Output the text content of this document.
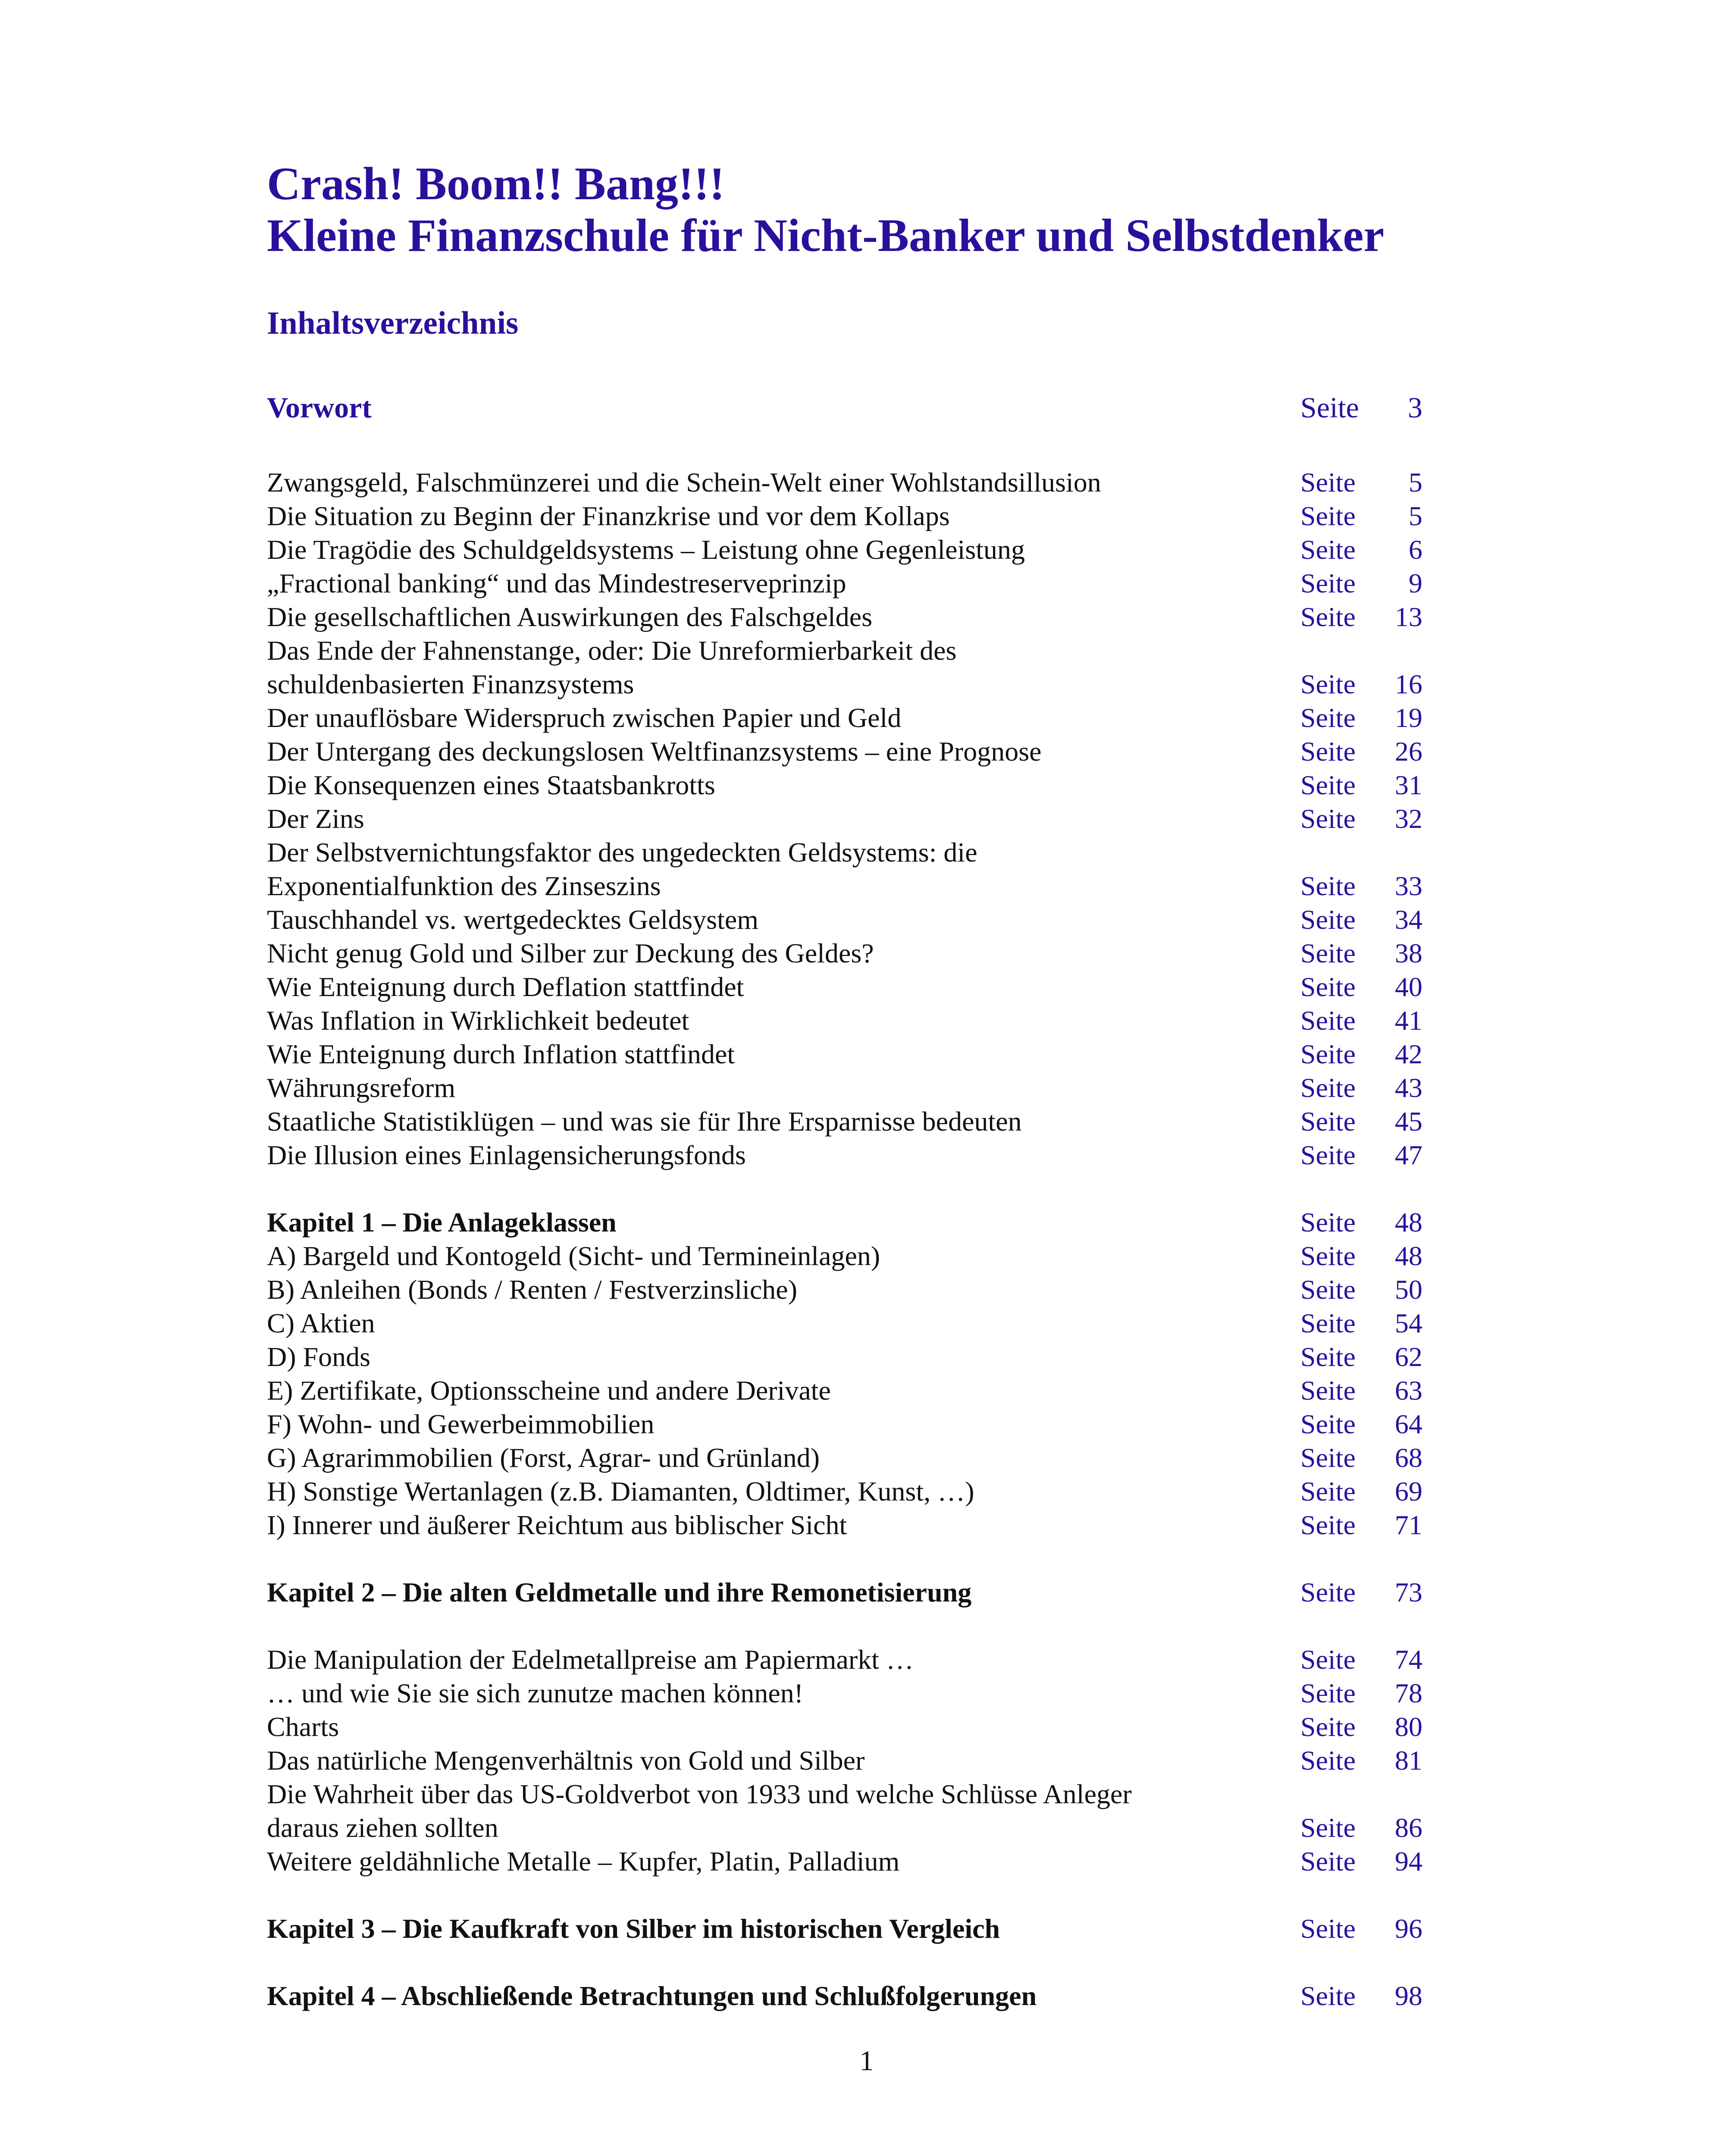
Crash! Boom!! Bang!!!
Kleine Finanzschule für Nicht-Banker und Selbstdenker
Inhaltsverzeichnis
Vorwort	Seite 3
Zwangsgeld, Falschmünzerei und die Schein-Welt einer Wohlstandsillusion	Seite 5
Die Situation zu Beginn der Finanzkrise und vor dem Kollaps	Seite 5
Die Tragödie des Schuldgeldsystems – Leistung ohne Gegenleistung	Seite 6
„Fractional banking“ und das Mindestreserveprinzip	Seite 9
Die gesellschaftlichen Auswirkungen des Falschgeldes	Seite 13
Das Ende der Fahnenstange, oder: Die Unreformierbarkeit des
schuldenbasierten Finanzsystems	Seite 16
Der unauflösbare Widerspruch zwischen Papier und Geld	Seite 19
Der Untergang des deckungslosen Weltfinanzsystems – eine Prognose	Seite 26
Die Konsequenzen eines Staatsbankrotts	Seite 31
Der Zins	Seite 32
Der Selbstvernichtungsfaktor des ungedeckten Geldsystems: die
Exponentialfunktion des Zinseszins	Seite 33
Tauschhandel vs. wertgedecktes Geldsystem	Seite 34
Nicht genug Gold und Silber zur Deckung des Geldes?	Seite 38
Wie Enteignung durch Deflation stattfindet	Seite 40
Was Inflation in Wirklichkeit bedeutet	Seite 41
Wie Enteignung durch Inflation stattfindet	Seite 42
Währungsreform	Seite 43
Staatliche Statistiklügen – und was sie für Ihre Ersparnisse bedeuten	Seite 45
Die Illusion eines Einlagensicherungsfonds	Seite 47
Kapitel 1 – Die Anlageklassen	Seite 48
A) Bargeld und Kontogeld (Sicht- und Termineinlagen)	Seite 48
B) Anleihen (Bonds / Renten / Festverzinsliche)	Seite 50
C) Aktien	Seite 54
D) Fonds	Seite 62
E) Zertifikate, Optionsscheine und andere Derivate	Seite 63
F) Wohn- und Gewerbeimmobilien	Seite 64
G) Agrarimmobilien (Forst, Agrar- und Grünland)	Seite 68
H) Sonstige Wertanlagen (z.B. Diamanten, Oldtimer, Kunst, …)	Seite 69
I) Innerer und äußerer Reichtum aus biblischer Sicht	Seite 71
Kapitel 2 – Die alten Geldmetalle und ihre Remonetisierung	Seite 73
Die Manipulation der Edelmetallpreise am Papiermarkt …	Seite 74
… und wie Sie sie sich zunutze machen können!	Seite 78
Charts	Seite 80
Das natürliche Mengenverhältnis von Gold und Silber	Seite 81
Die Wahrheit über das US-Goldverbot von 1933 und welche Schlüsse Anleger
daraus ziehen sollten	Seite 86
Weitere geldähnliche Metalle – Kupfer, Platin, Palladium	Seite 94
Kapitel 3 – Die Kaufkraft von Silber im historischen Vergleich	Seite 96
Kapitel 4 – Abschließende Betrachtungen und Schlußfolgerungen	Seite 98
1
